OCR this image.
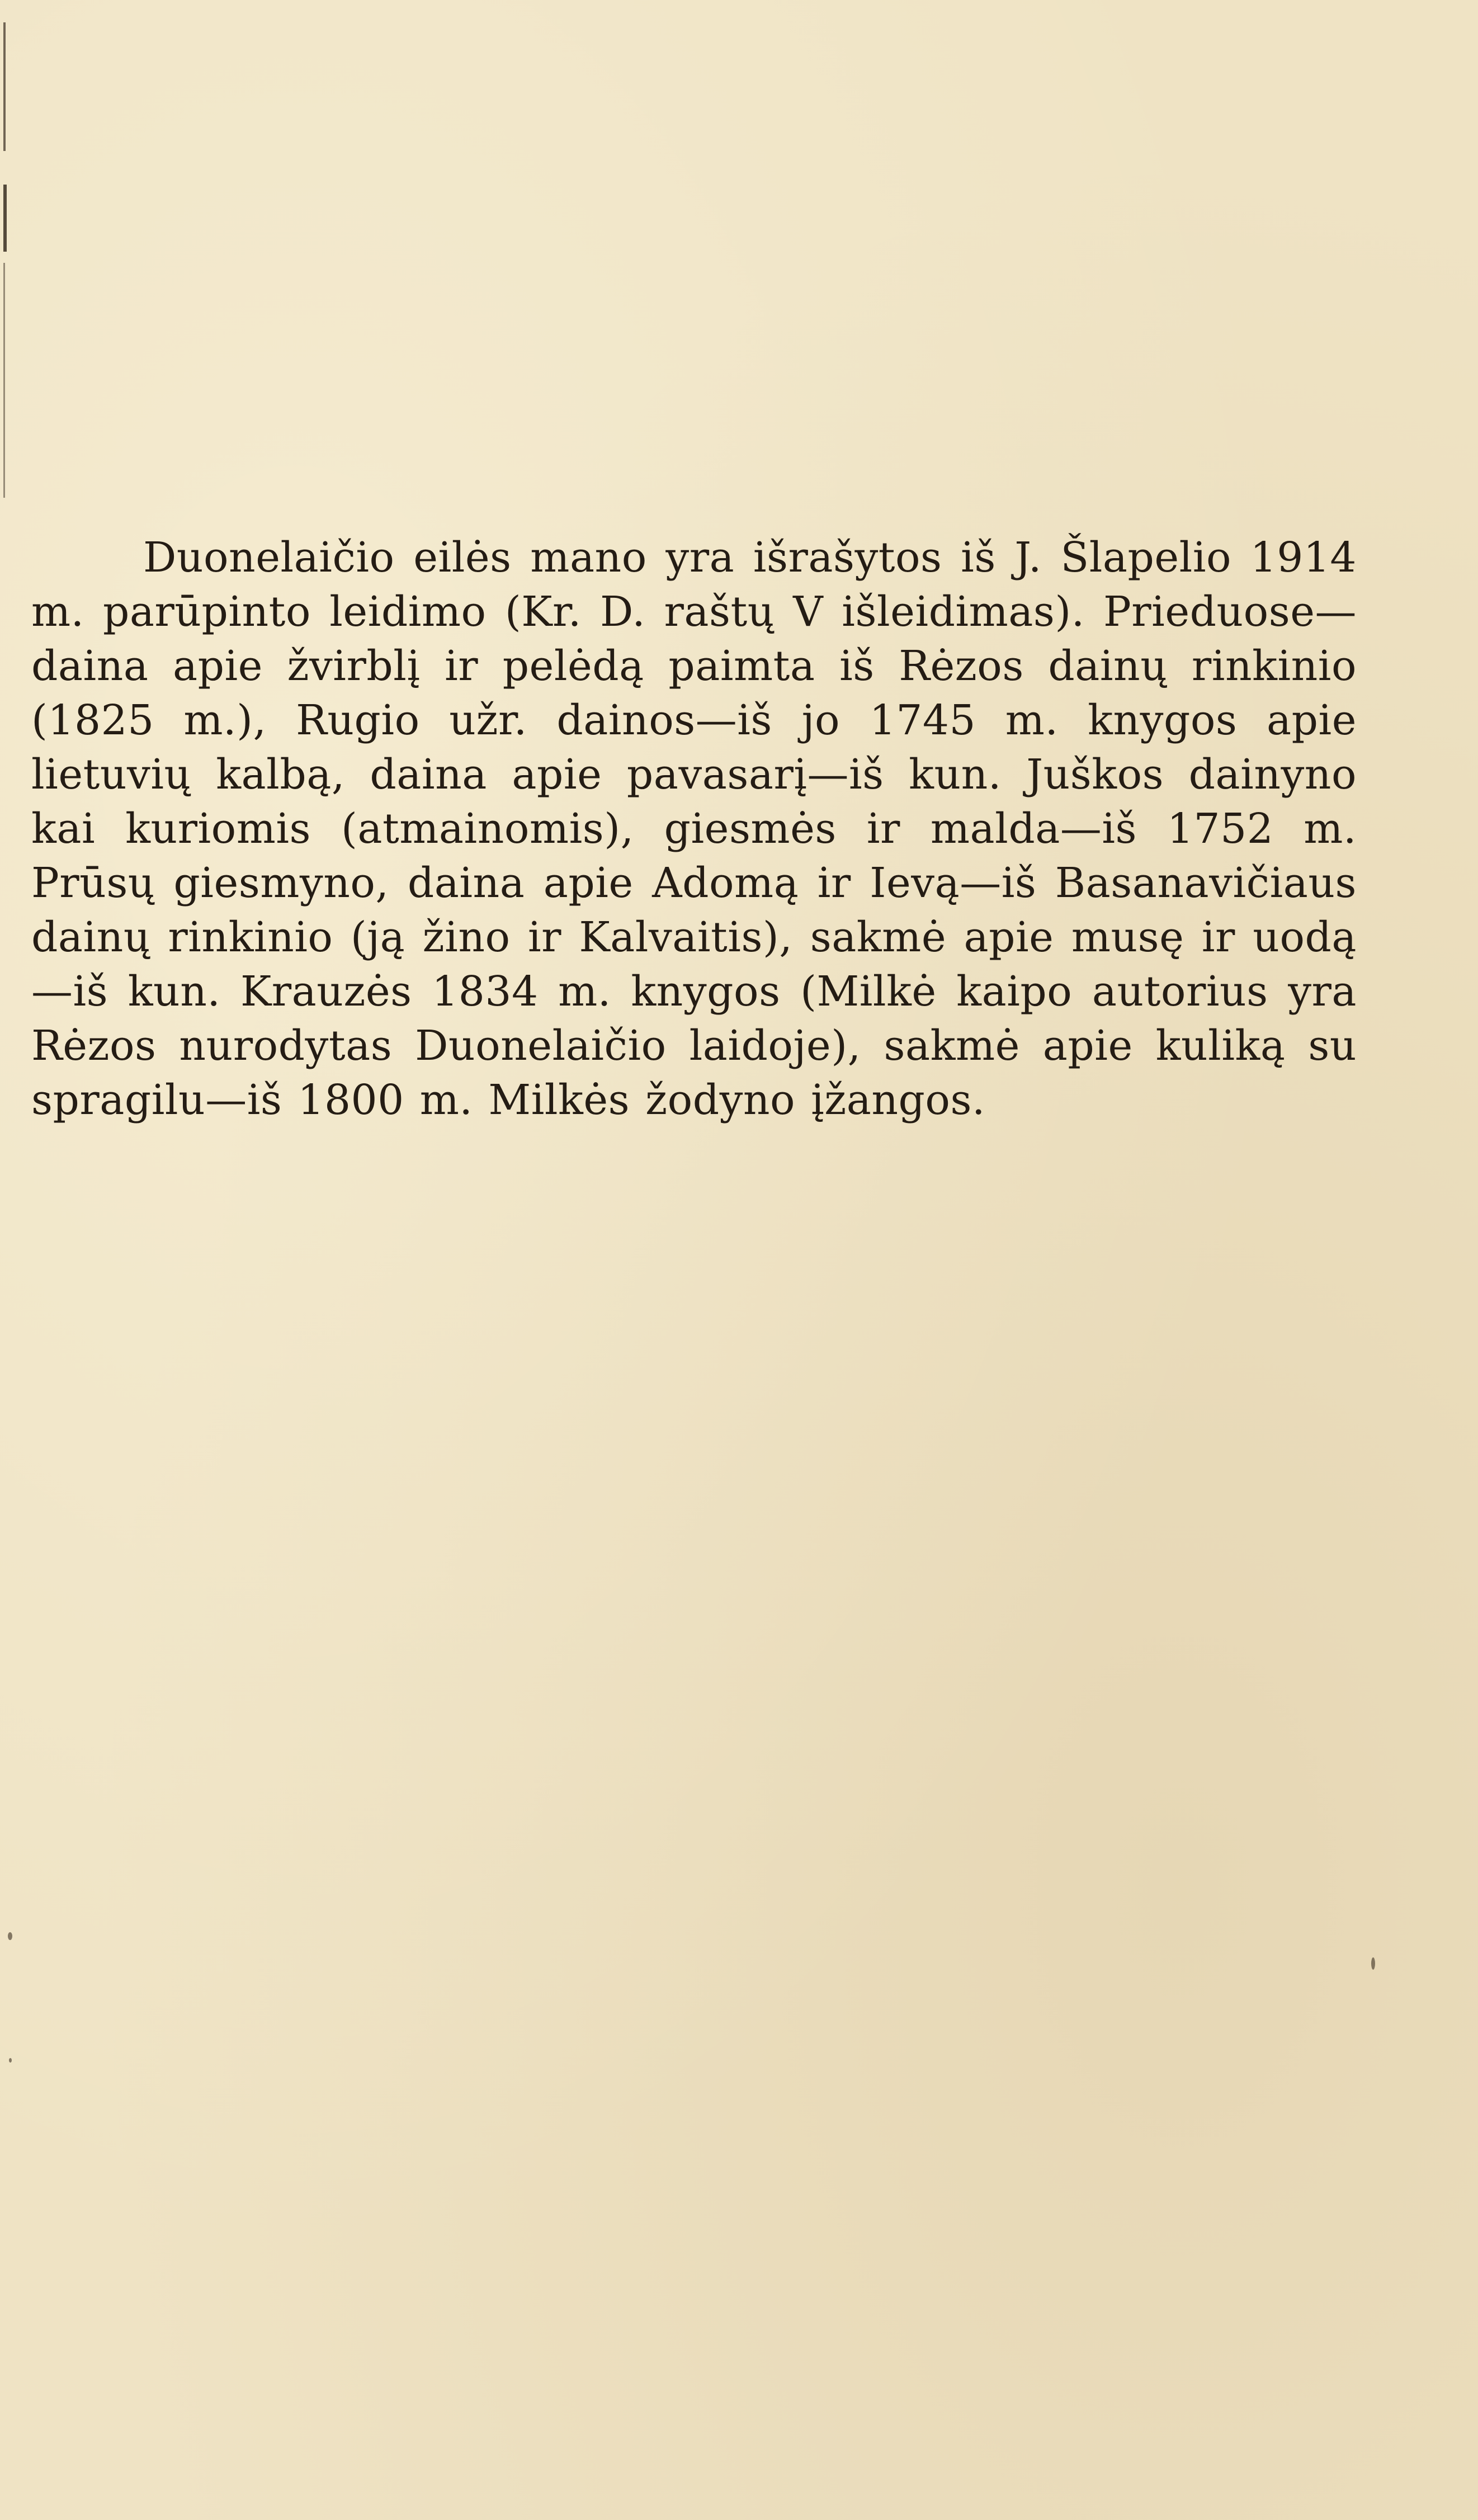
Duonelaičio eilės mano yra išrašytos iš J. Šlapelio 1914 m. parūpinto leidimo (Kr. D. raštų V išleidimas). Prieduose—daina apie žvirblį ir pelėdą paimta iš Rėzos dainų rinkinio (1825 m.), Rugio užr. dainos—iš jo 1745 m. knygos apie lietuvių kalbą, daina apie pavasarį—iš kun. Juškos dainyno kai kuriomis (atmainomis), giesmės ir malda—iš 1752 m. Prūsų giesmyno, daina apie Adomą ir Ievą—iš Basanavičiaus dainų rinkinio (ją žino ir Kalvaitis), sakmė apie musę ir uodą—iš kun. Krauzės 1834 m. knygos (Milkė kaipo autorius yra Rėzos nurodytas Duonelaičio laidoje), sakmė apie kuliką su spragilu—iš 1800 m. Milkės žodyno įžangos.
